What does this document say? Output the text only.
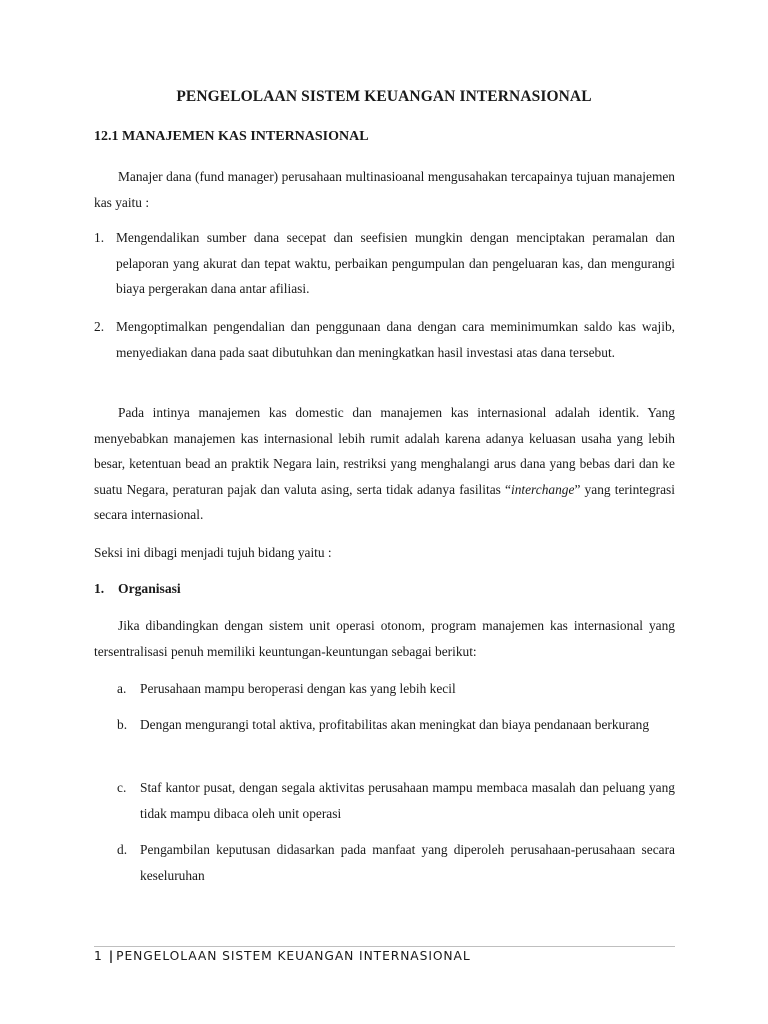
PENGELOLAAN SISTEM KEUANGAN INTERNASIONAL
12.1 MANAJEMEN KAS INTERNASIONAL

Manajer dana (fund manager) perusahaan multinasioanal mengusahakan tercapainya tujuan manajemen kas yaitu :

1. Mengendalikan sumber dana secepat dan seefisien mungkin dengan menciptakan peramalan dan pelaporan yang akurat dan tepat waktu, perbaikan pengumpulan dan pengeluaran kas, dan mengurangi biaya pergerakan dana antar afiliasi.

2. Mengoptimalkan pengendalian dan penggunaan dana dengan cara meminimumkan saldo kas wajib, menyediakan dana pada saat dibutuhkan dan meningkatkan hasil investasi atas dana tersebut.

Pada intinya manajemen kas domestic dan manajemen kas internasional adalah identik. Yang menyebabkan manajemen kas internasional lebih rumit adalah karena adanya keluasan usaha yang lebih besar, ketentuan bead an praktik Negara lain, restriksi yang menghalangi arus dana yang bebas dari dan ke suatu Negara, peraturan pajak dan valuta asing, serta tidak adanya fasilitas “interchange” yang terintegrasi secara internasional.

Seksi ini dibagi menjadi tujuh bidang yaitu :

1. Organisasi

Jika dibandingkan dengan sistem unit operasi otonom, program manajemen kas internasional yang tersentralisasi penuh memiliki keuntungan-keuntungan sebagai berikut:

a. Perusahaan mampu beroperasi dengan kas yang lebih kecil

b. Dengan mengurangi total aktiva, profitabilitas akan meningkat dan biaya pendanaan berkurang

c. Staf kantor pusat, dengan segala aktivitas perusahaan mampu membaca masalah dan peluang yang tidak mampu dibaca oleh unit operasi

d. Pengambilan keputusan didasarkan pada manfaat yang diperoleh perusahaan-perusahaan secara keseluruhan

1 | PENGELOLAAN SISTEM KEUANGAN INTERNASIONAL
